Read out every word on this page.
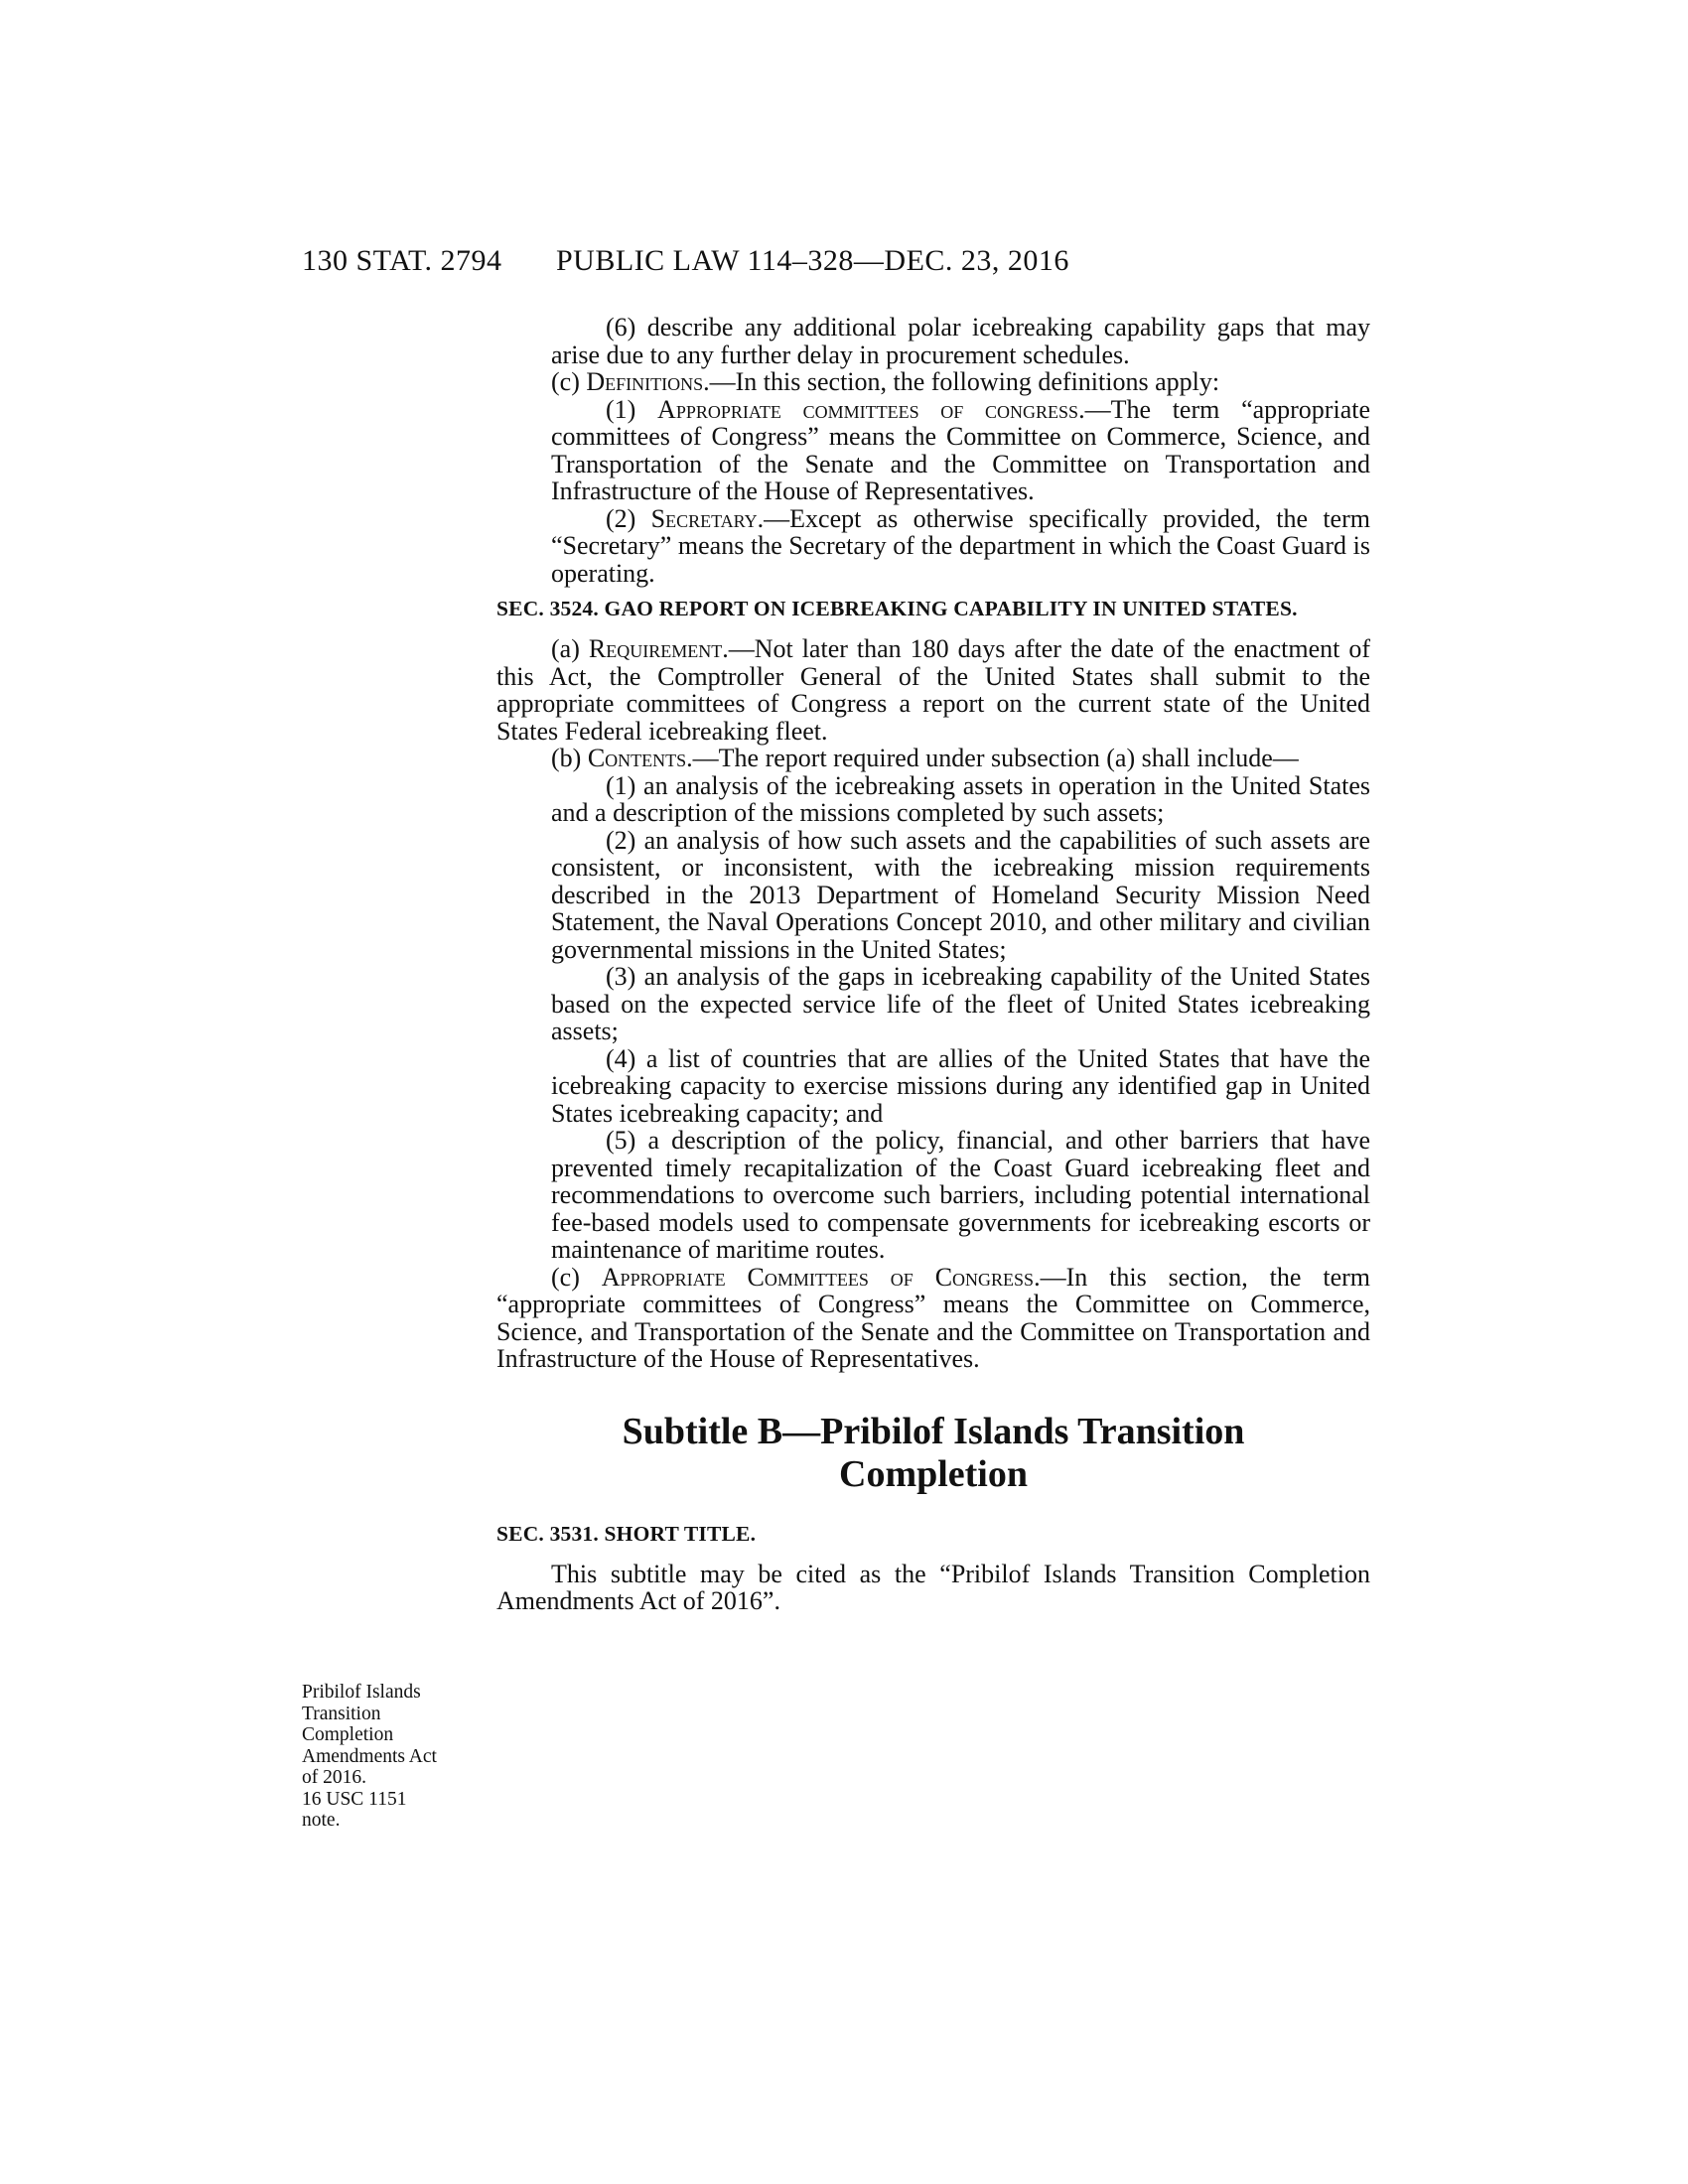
130 STAT. 2794 PUBLIC LAW 114–328—DEC. 23, 2016
Pribilof Islands
Transition
Completion
Amendments Act
of 2016.
16 USC 1151
note.

(6) describe any additional polar icebreaking capability gaps that may arise due to any further delay in procurement schedules.

(c) Definitions.—In this section, the following definitions apply:

(1) Appropriate committees of congress.—The term “appropriate committees of Congress” means the Committee on Commerce, Science, and Transportation of the Senate and the Committee on Transportation and Infrastructure of the House of Representatives.

(2) Secretary.—Except as otherwise specifically provided, the term “Secretary” means the Secretary of the department in which the Coast Guard is operating.

SEC. 3524. GAO REPORT ON ICEBREAKING CAPABILITY IN UNITED STATES.

(a) Requirement.—Not later than 180 days after the date of the enactment of this Act, the Comptroller General of the United States shall submit to the appropriate committees of Congress a report on the current state of the United States Federal icebreaking fleet.

(b) Contents.—The report required under subsection (a) shall include—

(1) an analysis of the icebreaking assets in operation in the United States and a description of the missions completed by such assets;

(2) an analysis of how such assets and the capabilities of such assets are consistent, or inconsistent, with the icebreaking mission requirements described in the 2013 Department of Homeland Security Mission Need Statement, the Naval Operations Concept 2010, and other military and civilian governmental missions in the United States;

(3) an analysis of the gaps in icebreaking capability of the United States based on the expected service life of the fleet of United States icebreaking assets;

(4) a list of countries that are allies of the United States that have the icebreaking capacity to exercise missions during any identified gap in United States icebreaking capacity; and

(5) a description of the policy, financial, and other barriers that have prevented timely recapitalization of the Coast Guard icebreaking fleet and recommendations to overcome such barriers, including potential international fee-based models used to compensate governments for icebreaking escorts or maintenance of maritime routes.

(c) Appropriate Committees of Congress.—In this section, the term “appropriate committees of Congress” means the Committee on Commerce, Science, and Transportation of the Senate and the Committee on Transportation and Infrastructure of the House of Representatives.

Subtitle B—Pribilof Islands Transition
Completion

SEC. 3531. SHORT TITLE.

This subtitle may be cited as the “Pribilof Islands Transition Completion Amendments Act of 2016”.
